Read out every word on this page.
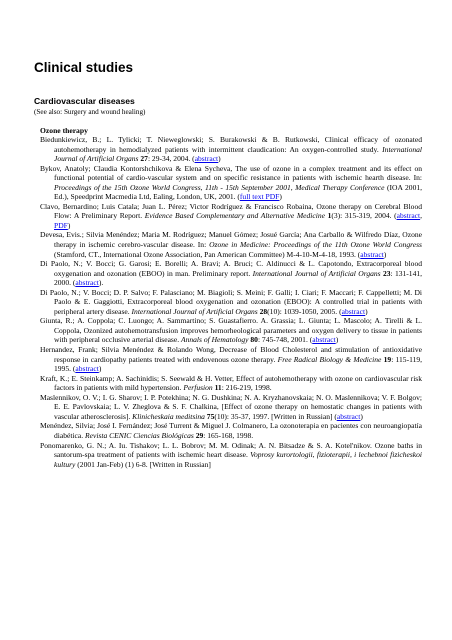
Clinical studies
Cardiovascular diseases
(See also: Surgery and wound healing)
Ozone therapy

Biedunkiewicz, B.; L. Tylicki; T. Nieweglowski; S. Burakowski & B. Rutkowski, Clinical efficacy of ozonated autohemotherapy in hemodialyzed patients with intermittent claudication: An oxygen-controlled study. International Journal of Artificial Organs 27: 29-34, 2004. (abstract)

Bykov, Anatoly; Claudia Kontorshchikova & Elena Sycheva, The use of ozone in a complex treatment and its effect on functional potential of cardio-vascular system and on specific resistance in patients with ischemic hearth disease. In: Proceedings of the 15th Ozone World Congress, 11th - 15th September 2001, Medical Therapy Conference (IOA 2001, Ed.), Speedprint Macmedia Ltd, Ealing, London, UK, 2001. (full text PDF)

Clavo, Bernardino; Luis Catala; Juan L. Pérez; Victor Rodríguez & Francisco Robaina, Ozone therapy on Cerebral Blood Flow: A Preliminary Report. Evidence Based Complementary and Alternative Medicine 1(3): 315-319, 2004. (abstract, PDF)

Devesa, Evis.; Silvia Menéndez; Maria M. Rodríguez; Manuel Gómez; Josué García; Ana Carballo & Wilfredo Díaz, Ozone therapy in ischemic cerebro-vascular disease. In: Ozone in Medicine: Proceedings of the 11th Ozone World Congress (Stamford, CT., International Ozone Association, Pan American Committee) M-4-10-M-4-18, 1993. (abstract)

Di Paolo, N.; V. Bocci; G. Garosi; E. Borelli; A. Bravi; A. Bruci; C. Aldinucci & L. Capotondo, Extracorporeal blood oxygenation and ozonation (EBOO) in man. Preliminary report. International Journal of Artificial Organs 23: 131-141, 2000. (abstract).

Di Paolo, N.; V. Bocci; D. P. Salvo; F. Palasciano; M. Biagioli; S. Meini; F. Galli; I. Ciari; F. Maccari; F. Cappelletti; M. Di Paolo & E. Gaggiotti, Extracorporeal blood oxygenation and ozonation (EBOO): A controlled trial in patients with peripheral artery disease. International Journal of Artificial Organs 28(10): 1039-1050, 2005. (abstract)

Giunta, R.; A. Coppola; C. Luongo; A. Sammartino; S. Guastafierro. A. Grassia; L. Giunta; L. Mascolo; A. Tirelli & L. Coppola, Ozonized autohemotransfusion improves hemorheological parameters and oxygen delivery to tissue in patients with peripheral occlusive arterial disease. Annals of Hematology 80: 745-748, 2001. (abstract)

Hernandez, Frank; Silvia Menéndez & Rolando Wong, Decrease of Blood Cholesterol and stimulation of antioxidative response in cardiopathy patients treated with endovenous ozone therapy. Free Radical Biology & Medicine 19: 115-119, 1995. (abstract)

Kraft, K.; E. Steinkamp; A. Sachinidis; S. Seewald & H. Vetter, Effect of autohemotherapy with ozone on cardiovascular risk factors in patients with mild hypertension. Perfusion 11: 216-219, 1998.

Maslennikov, O. V.; I. G. Sharov; I. P. Potekhina; N. G. Dushkina; N. A. Kryzhanovskaia; N. O. Maslennikova; V. F. Bolgov; E. E. Pavlovskaia; L. V. Zheglova & S. F. Chalkina, [Effect of ozone therapy on hemostatic changes in patients with vascular atherosclerosis]. Klinicheskaia meditsina 75(10): 35-37, 1997. [Written in Russian] (abstract)

Menéndez, Silvia; José I. Fernández; José Turrent & Miguel J. Colmanero, La ozonoterapia en pacientes con neuroangiopatía diabética. Revista CENIC Ciencias Biológicas 29: 165-168, 1998.

Ponomarenko, G. N.; A. Iu. Tishakov; L. L. Bobrov; M. M. Odinak; A. N. Bitsadze & S. A. Kotel'nikov. Ozone baths in santorum-spa treatment of patients with ischemic heart disease. Voprosy kurortologii, fizioterapii, i lechebnoi fizicheskoi kultury (2001 Jan-Feb) (1) 6-8. [Written in Russian]
